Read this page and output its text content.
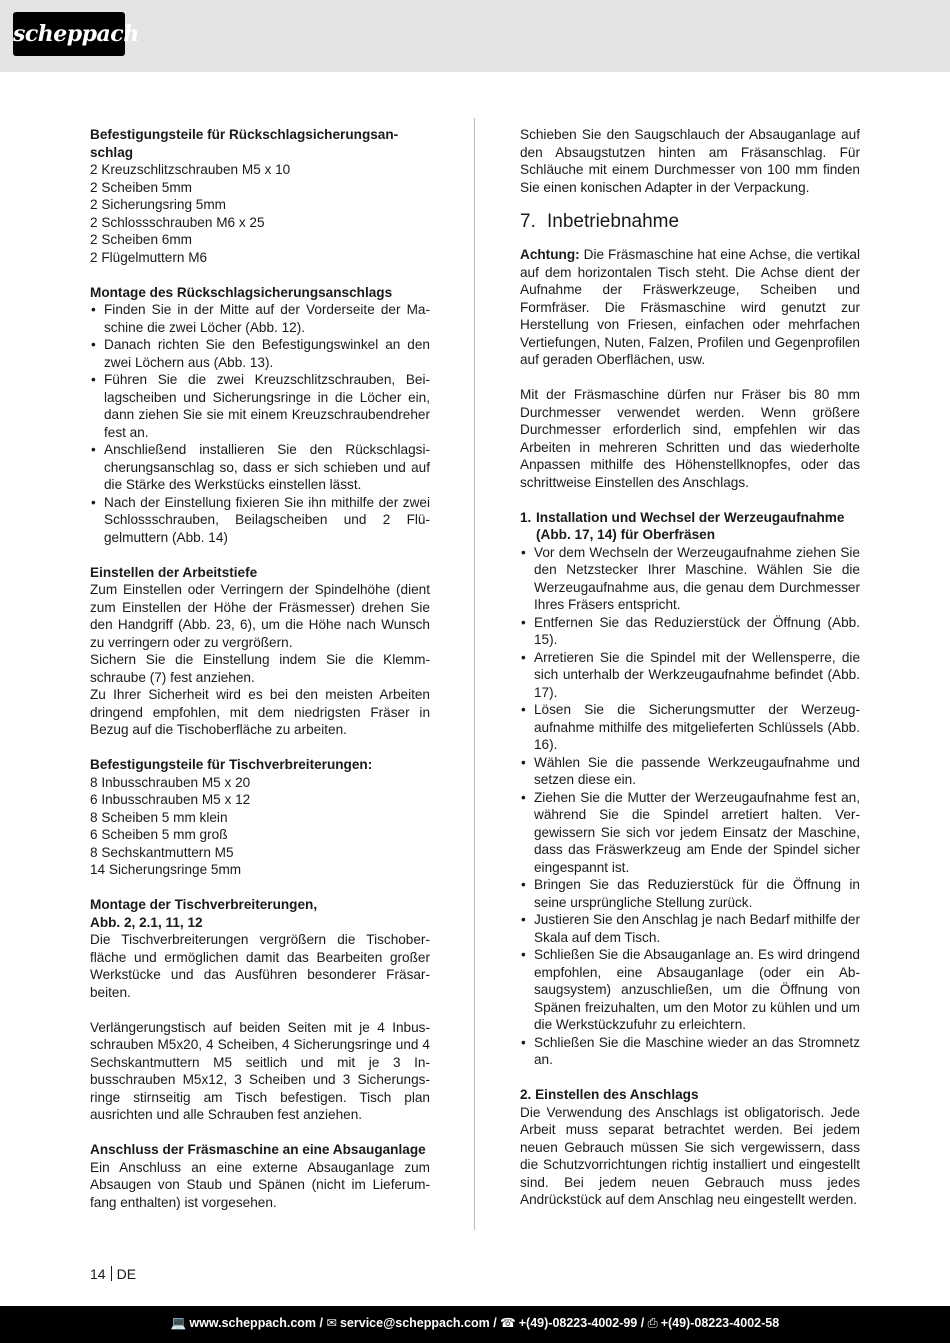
scheppach

Befestigungsteile für Rückschlagsicherungsanschlag

2 Kreuzschlitzschrauben M5 x 10

2 Scheiben 5mm

2 Sicherungsring 5mm

2 Schlossschrauben M6 x 25

2 Scheiben 6mm

2 Flügelmuttern M6

Montage des Rückschlagsicherungsanschlags

• Finden Sie in der Mitte auf der Vorderseite der Maschine die zwei Löcher (Abb. 12).
• Danach richten Sie den Befestigungswinkel an den zwei Löchern aus (Abb. 13).
• Führen Sie die zwei Kreuzschlitzschrauben, Beilagscheiben und Sicherungsringe in die Löcher ein, dann ziehen Sie sie mit einem Kreuzschraubendreher fest an.
• Anschließend installieren Sie den Rückschlagsicherungsanschlag so, dass er sich schieben und auf die Stärke des Werkstücks einstellen lässt.
• Nach der Einstellung fixieren Sie ihn mithilfe der zwei Schlossschrauben, Beilagscheiben und 2 Flügelmuttern (Abb. 14)

Einstellen der Arbeitstiefe

Zum Einstellen oder Verringern der Spindelhöhe (dient zum Einstellen der Höhe der Fräsmesser) drehen Sie den Handgriff (Abb. 23, 6), um die Höhe nach Wunsch zu verringern oder zu vergrößern.

Sichern Sie die Einstellung indem Sie die Klemmschraube (7) fest anziehen.

Zu Ihrer Sicherheit wird es bei den meisten Arbeiten dringend empfohlen, mit dem niedrigsten Fräser in Bezug auf die Tischoberfläche zu arbeiten.

Befestigungsteile für Tischverbreiterungen:

8 Inbusschrauben M5 x 20

6 Inbusschrauben M5 x 12

8 Scheiben 5 mm klein

6 Scheiben 5 mm groß

8 Sechskantmuttern M5

14 Sicherungsringe 5mm

Montage der Tischverbreiterungen,

Abb. 2, 2.1, 11, 12

Die Tischverbreiterungen vergrößern die Tischoberfläche und ermöglichen damit das Bearbeiten großer Werkstücke und das Ausführen besonderer Fräsarbeiten.

Verlängerungstisch auf beiden Seiten mit je 4 Inbusschrauben M5x20, 4 Scheiben, 4 Sicherungsringe und 4 Sechskantmuttern M5 seitlich und mit je 3 Inbusschrauben M5x12, 3 Scheiben und 3 Sicherungsringe stirnseitig am Tisch befestigen. Tisch plan ausrichten und alle Schrauben fest anziehen.

Anschluss der Fräsmaschine an eine Absauganlage

Ein Anschluss an eine externe Absauganlage zum Absaugen von Staub und Spänen (nicht im Lieferumfang enthalten) ist vorgesehen.

Schieben Sie den Saugschlauch der Absauganlage auf den Absaugstutzen hinten am Fräsanschlag. Für Schläuche mit einem Durchmesser von 100 mm finden Sie einen konischen Adapter in der Verpackung.

7. Inbetriebnahme

Achtung: Die Fräsmaschine hat eine Achse, die vertikal auf dem horizontalen Tisch steht. Die Achse dient der Aufnahme der Fräswerkzeuge, Scheiben und Formfräser. Die Fräsmaschine wird genutzt zur Herstellung von Friesen, einfachen oder mehrfachen Vertiefungen, Nuten, Falzen, Profilen und Gegenprofilen auf geraden Oberflächen, usw.

Mit der Fräsmaschine dürfen nur Fräser bis 80 mm Durchmesser verwendet werden. Wenn größere Durchmesser erforderlich sind, empfehlen wir das Arbeiten in mehreren Schritten und das wiederholte Anpassen mithilfe des Höhenstellknopfes, oder das schrittweise Einstellen des Anschlags.

1. Installation und Wechsel der Werzeugaufnahme (Abb. 17, 14) für Oberfräsen
• Vor dem Wechseln der Werzeugaufnahme ziehen Sie den Netzstecker Ihrer Maschine. Wählen Sie die Werzeugaufnahme aus, die genau dem Durchmesser Ihres Fräsers entspricht.
• Entfernen Sie das Reduzierstück der Öffnung (Abb. 15).
• Arretieren Sie die Spindel mit der Wellensperre, die sich unterhalb der Werkzeugaufnahme befindet (Abb. 17).
• Lösen Sie die Sicherungsmutter der Werzeugaufnahme mithilfe des mitgelieferten Schlüssels (Abb. 16).
• Wählen Sie die passende Werkzeugaufnahme und setzen diese ein.
• Ziehen Sie die Mutter der Werzeugaufnahme fest an, während Sie die Spindel arretiert halten. Vergewissern Sie sich vor jedem Einsatz der Maschine, dass das Fräswerkzeug am Ende der Spindel sicher eingespannt ist.
• Bringen Sie das Reduzierstück für die Öffnung in seine ursprüngliche Stellung zurück.
• Justieren Sie den Anschlag je nach Bedarf mithilfe der Skala auf dem Tisch.
• Schließen Sie die Absauganlage an. Es wird dringend empfohlen, eine Absauganlage (oder ein Absaugsystem) anzuschließen, um die Öffnung von Spänen freizuhalten, um den Motor zu kühlen und um die Werkstückzufuhr zu erleichtern.
• Schließen Sie die Maschine wieder an das Stromnetz an.

2. Einstellen des Anschlags

Die Verwendung des Anschlags ist obligatorisch. Jede Arbeit muss separat betrachtet werden. Bei jedem neuen Gebrauch müssen Sie sich vergewissern, dass die Schutzvorrichtungen richtig installiert und eingestellt sind. Bei jedem neuen Gebrauch muss jedes Andrückstück auf dem Anschlag neu eingestellt werden.

14 DE
💻 www.scheppach.com / ✉ service@scheppach.com / ☎ +(49)-08223-4002-99 / ⎙ +(49)-08223-4002-58
